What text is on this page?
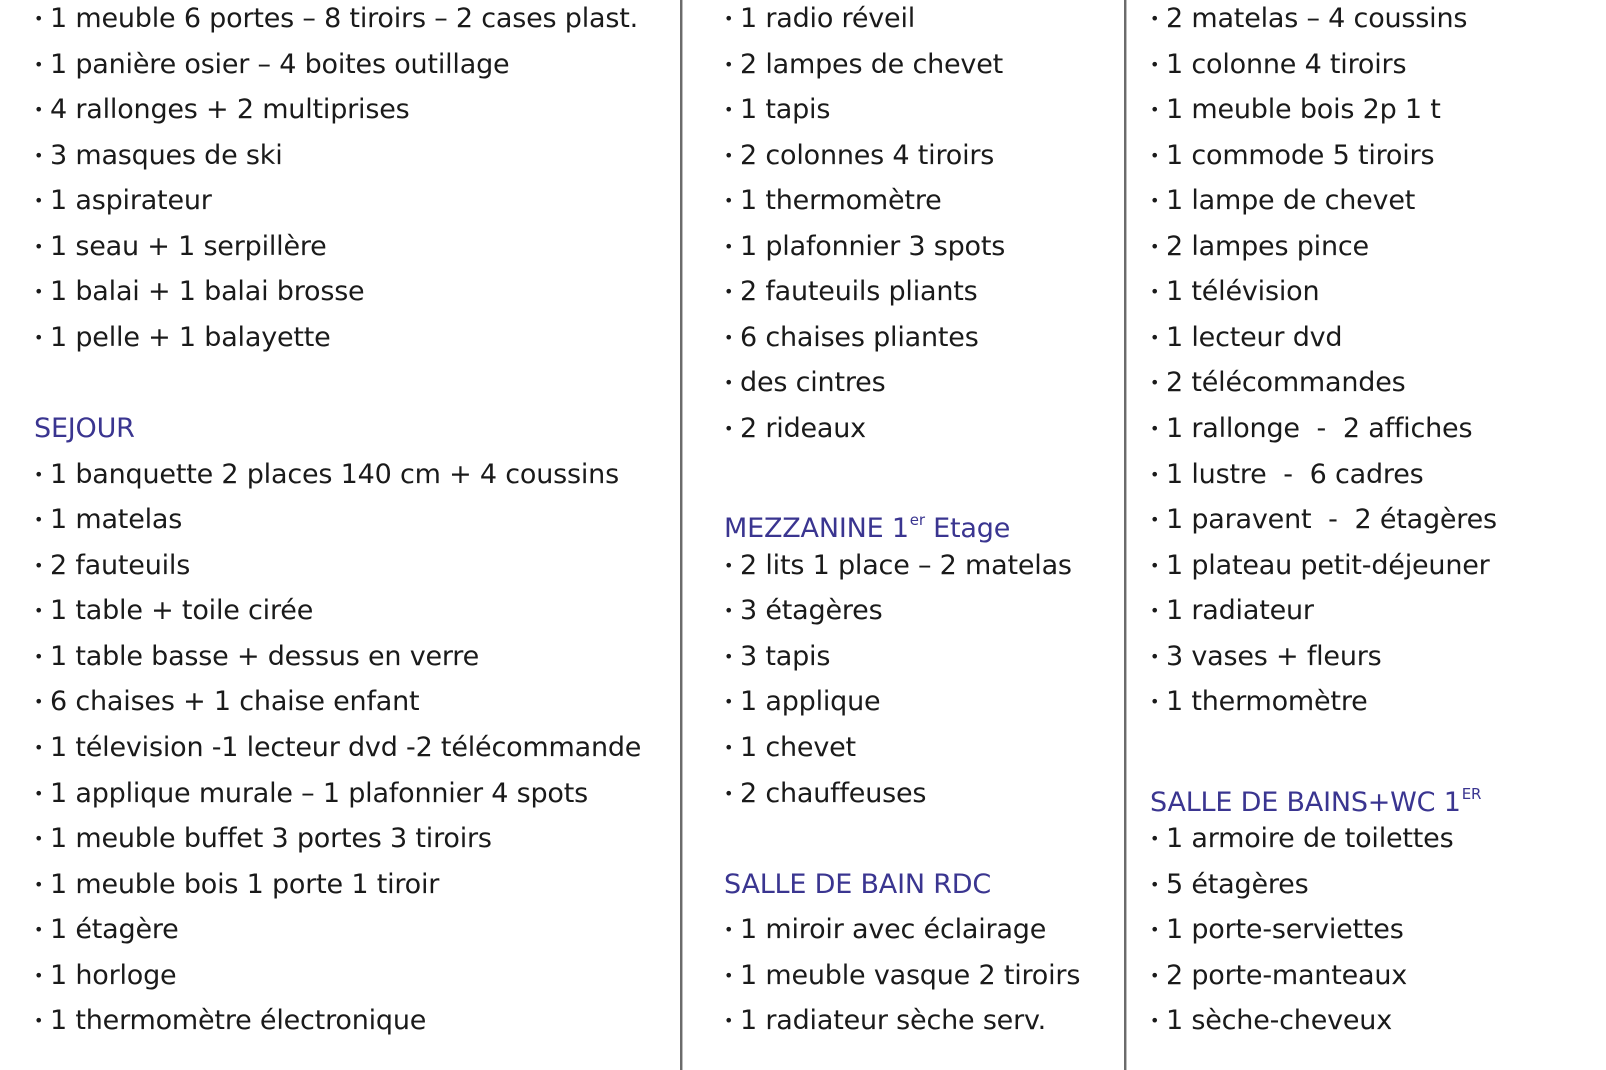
• 1 meuble 6 portes – 8 tiroirs – 2 cases plast.
• 1 panière osier – 4 boites outillage
• 4 rallonges + 2 multiprises
• 3 masques de ski
• 1 aspirateur
• 1 seau + 1 serpillère
• 1 balai + 1 balai brosse
• 1 pelle + 1 balayette
SEJOUR
• 1 banquette 2 places 140 cm + 4 coussins
• 1 matelas
• 2 fauteuils
• 1 table + toile cirée
• 1 table basse + dessus en verre
• 6 chaises + 1 chaise enfant
• 1 télevision -1 lecteur dvd -2 télécommande
• 1 applique murale – 1 plafonnier 4 spots
• 1 meuble buffet 3 portes 3 tiroirs
• 1 meuble bois 1 porte 1 tiroir
• 1 étagère
• 1 horloge
• 1 thermomètre électronique
• 1 radio réveil
• 2 lampes de chevet
• 1 tapis
• 2 colonnes 4 tiroirs
• 1 thermomètre
• 1 plafonnier 3 spots
• 2 fauteuils pliants
• 6 chaises pliantes
• des cintres
• 2 rideaux
MEZZANINE 1er Etage
• 2 lits 1 place – 2 matelas
• 3 étagères
• 3 tapis
• 1 applique
• 1 chevet
• 2 chauffeuses
SALLE DE BAIN RDC
• 1 miroir avec éclairage
• 1 meuble vasque 2 tiroirs
• 1 radiateur sèche serv.
• 2 matelas – 4 coussins
• 1 colonne 4 tiroirs
• 1 meuble bois 2p 1 t
• 1 commode 5 tiroirs
• 1 lampe de chevet
• 2 lampes pince
• 1 télévision
• 1 lecteur dvd
• 2 télécommandes
• 1 rallonge  -  2 affiches
• 1 lustre  -  6 cadres
• 1 paravent  -  2 étagères
• 1 plateau petit-déjeuner
• 1 radiateur
• 3 vases + fleurs
• 1 thermomètre
SALLE DE BAINS+WC 1ER
• 1 armoire de toilettes
• 5 étagères
• 1 porte-serviettes
• 2 porte-manteaux
• 1 sèche-cheveux
